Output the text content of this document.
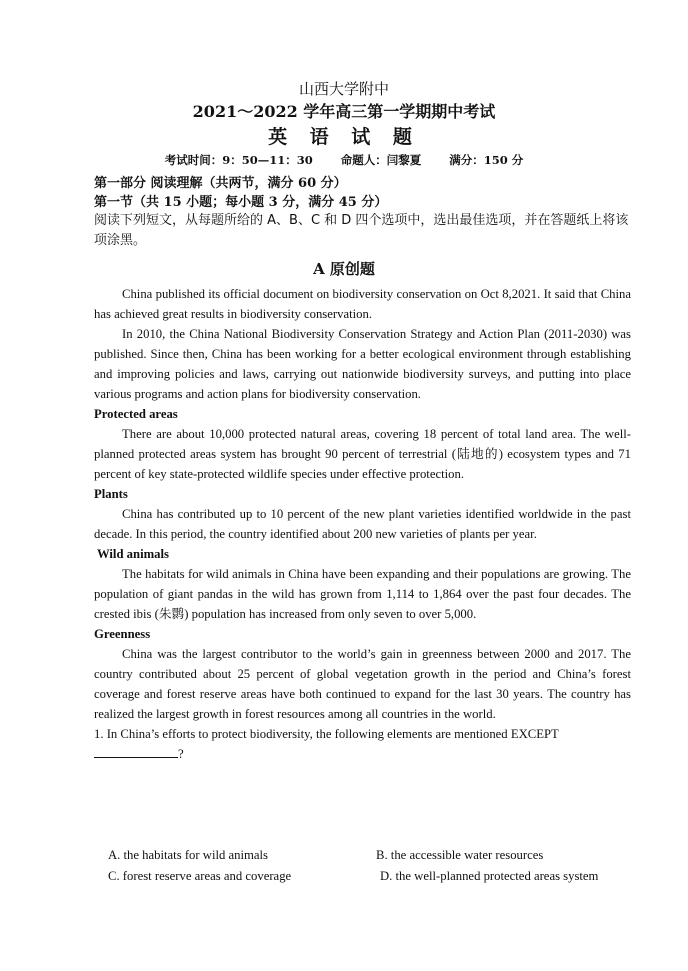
山西大学附中
2021～2022 学年高三第一学期期中考试
英 语 试 题
考试时间：9：50—11：30 命题人：闫黎夏 满分：150 分
第一部分 阅读理解（共两节，满分 60 分）
第一节（共 15 小题；每小题 3 分，满分 45 分）
阅读下列短文，从每题所给的 A、B、C 和 D 四个选项中，选出最佳选项，并在答题纸上将该项涂黑。
A 原创题

China published its official document on biodiversity conservation on Oct 8,2021. It said that China has achieved great results in biodiversity conservation.

In 2010, the China National Biodiversity Conservation Strategy and Action Plan (2011-2030) was published. Since then, China has been working for a better ecological environment through establishing and improving policies and laws, carrying out nationwide biodiversity surveys, and putting into place various programs and action plans for biodiversity conservation.

Protected areas

There are about 10,000 protected natural areas, covering 18 percent of total land area. The well-planned protected areas system has brought 90 percent of terrestrial (陆地的) ecosystem types and 71 percent of key state-protected wildlife species under effective protection.

Plants

China has contributed up to 10 percent of the new plant varieties identified worldwide in the past decade. In this period, the country identified about 200 new varieties of plants per year.

Wild animals

The habitats for wild animals in China have been expanding and their populations are growing. The population of giant pandas in the wild has grown from 1,114 to 1,864 over the past four decades. The crested ibis (朱鹮) population has increased from only seven to over 5,000.

Greenness

China was the largest contributor to the world’s gain in greenness between 2000 and 2017. The country contributed about 25 percent of global vegetation growth in the period and China’s forest coverage and forest reserve areas have both continued to expand for the last 30 years. The country has realized the largest growth in forest resources among all countries in the world.

1. In China’s efforts to protect biodiversity, the following elements are mentioned EXCEPT
?

A. the habitats for wild animals	B. the accessible water resources
C. forest reserve areas and coverage	D. the well-planned protected areas system
